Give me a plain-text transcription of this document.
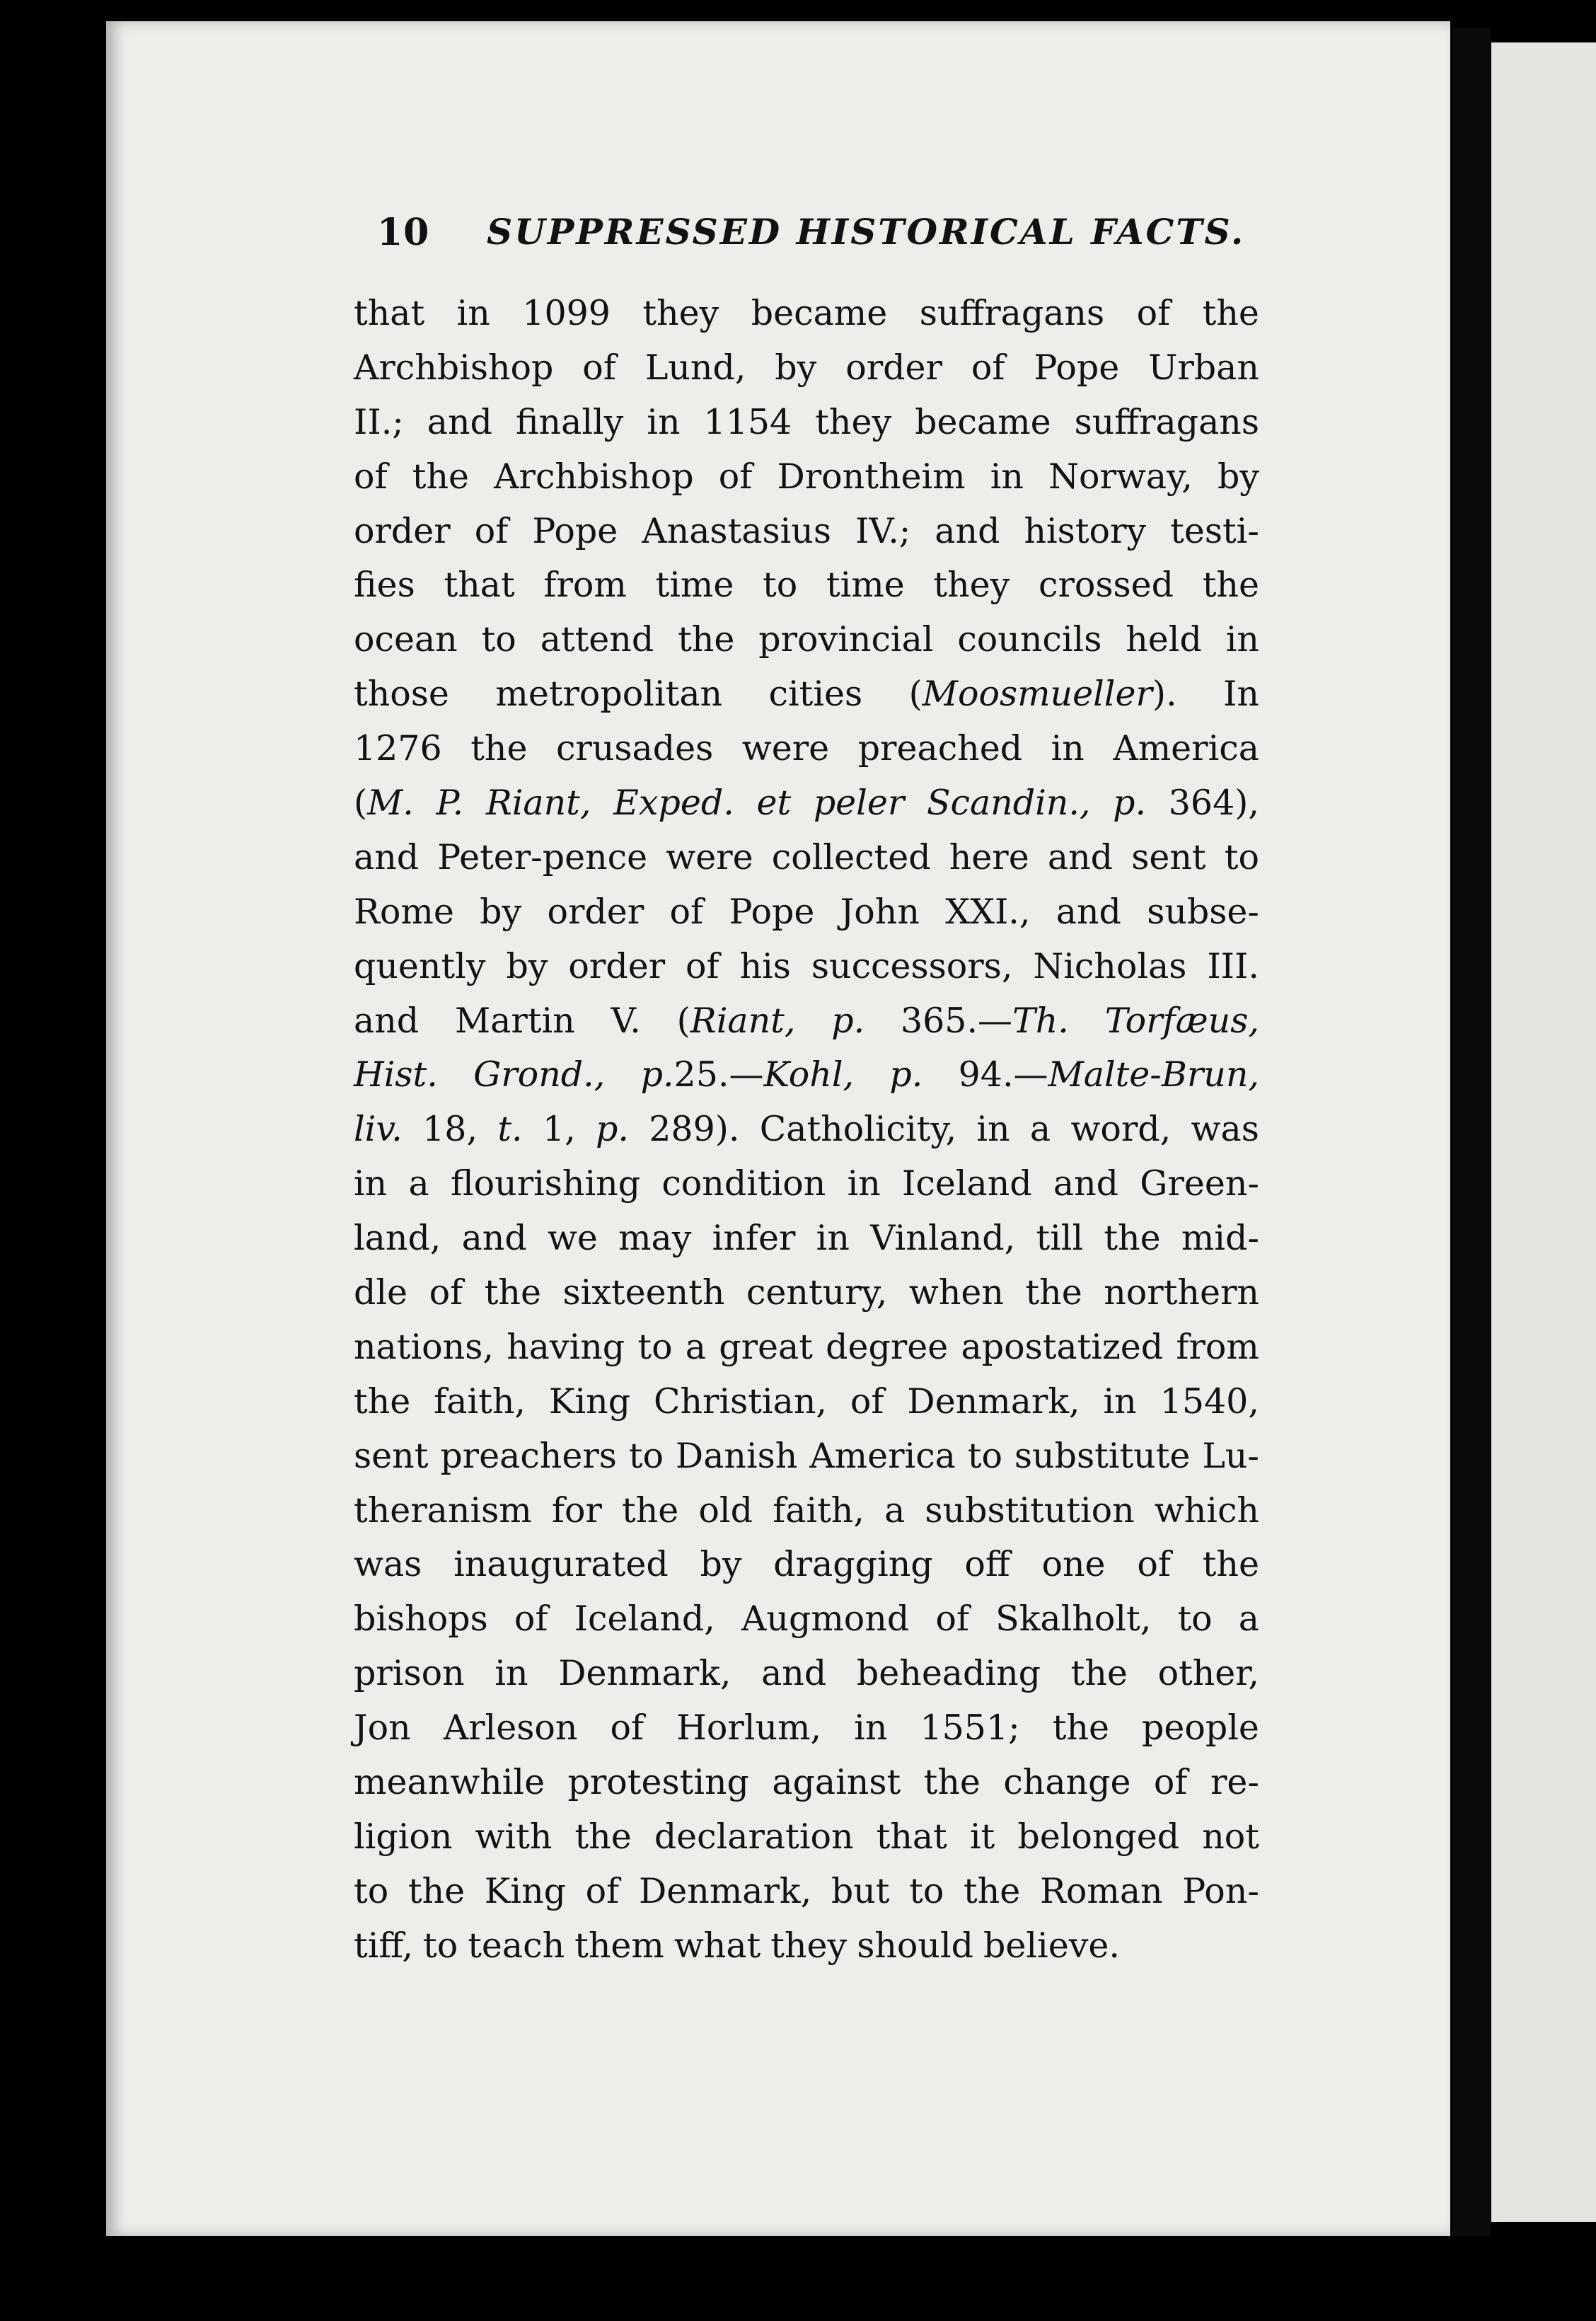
10 SUPPRESSED HISTORICAL FACTS.
that in 1099 they became suffragans of the
Archbishop of Lund, by order of Pope Urban
II.; and finally in 1154 they became suffragans
of the Archbishop of Drontheim in Norway, by
order of Pope Anastasius IV.; and history testi-
fies that from time to time they crossed the
ocean to attend the provincial councils held in
those metropolitan cities (Moosmueller). In
1276 the crusades were preached in America
(M. P. Riant, Exped. et peler Scandin., p. 364),
and Peter-pence were collected here and sent to
Rome by order of Pope John XXI., and subse-
quently by order of his successors, Nicholas III.
and Martin V. (Riant, p. 365.—Th. Torfæus,
Hist. Grond., p.25.—Kohl, p. 94.—Malte-Brun,
liv. 18, t. 1, p. 289). Catholicity, in a word, was
in a flourishing condition in Iceland and Green-
land, and we may infer in Vinland, till the mid-
dle of the sixteenth century, when the northern
nations, having to a great degree apostatized from
the faith, King Christian, of Denmark, in 1540,
sent preachers to Danish America to substitute Lu-
theranism for the old faith, a substitution which
was inaugurated by dragging off one of the
bishops of Iceland, Augmond of Skalholt, to a
prison in Denmark, and beheading the other,
Jon Arleson of Horlum, in 1551; the people
meanwhile protesting against the change of re-
ligion with the declaration that it belonged not
to the King of Denmark, but to the Roman Pon-
tiff, to teach them what they should believe.
